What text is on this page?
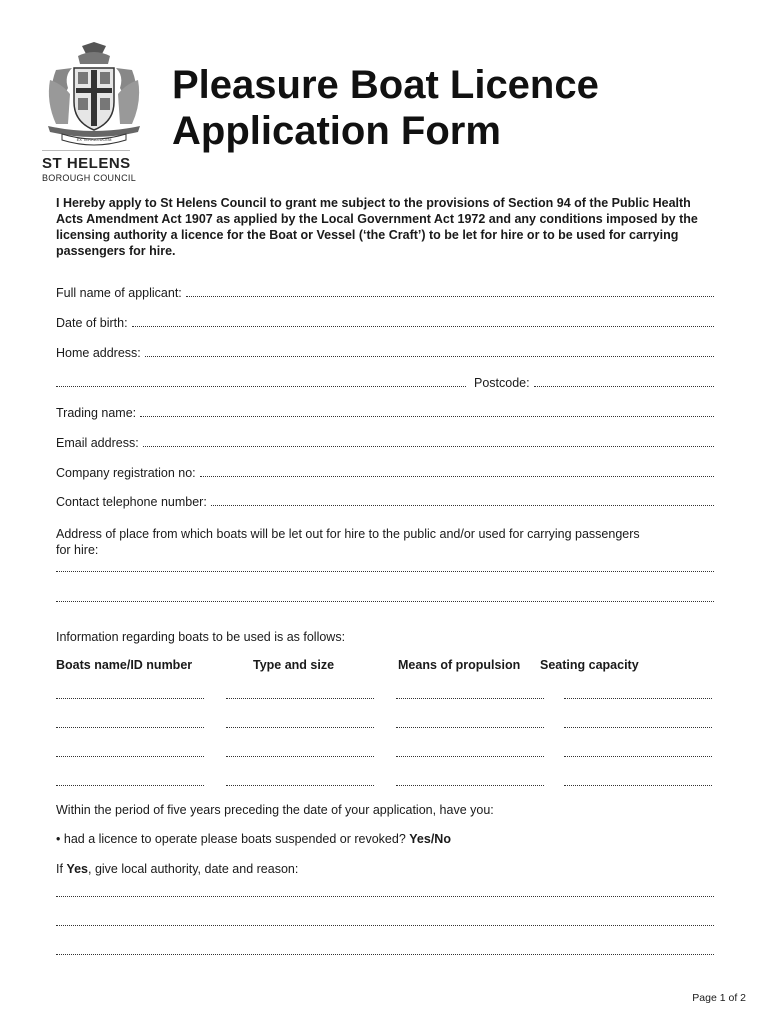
EX TERRA LUCEM
ST HELENS
BOROUGH COUNCIL
Pleasure Boat Licence
Application Form
I Hereby apply to St Helens Council to grant me subject to the provisions of Section 94 of the Public Health Acts Amendment Act 1907 as applied by the Local Government Act 1972 and any conditions imposed by the licensing authority a licence for the Boat or Vessel (‘the Craft’) to be let for hire or to be used for carrying passengers for hire.
Full name of applicant:
Date of birth:
Home address:
Postcode:
Trading name:
Email address:
Company registration no:
Contact telephone number:
Address of place from which boats will be let out for hire to the public and/or used for carrying passengers for hire:
Information regarding boats to be used is as follows:
Boats name/ID number	Type and size	Means of propulsion Seating capacity
Within the period of five years preceding the date of your application, have you:
• had a licence to operate please boats suspended or revoked? Yes/No
If Yes, give local authority, date and reason:
Page 1 of 2
